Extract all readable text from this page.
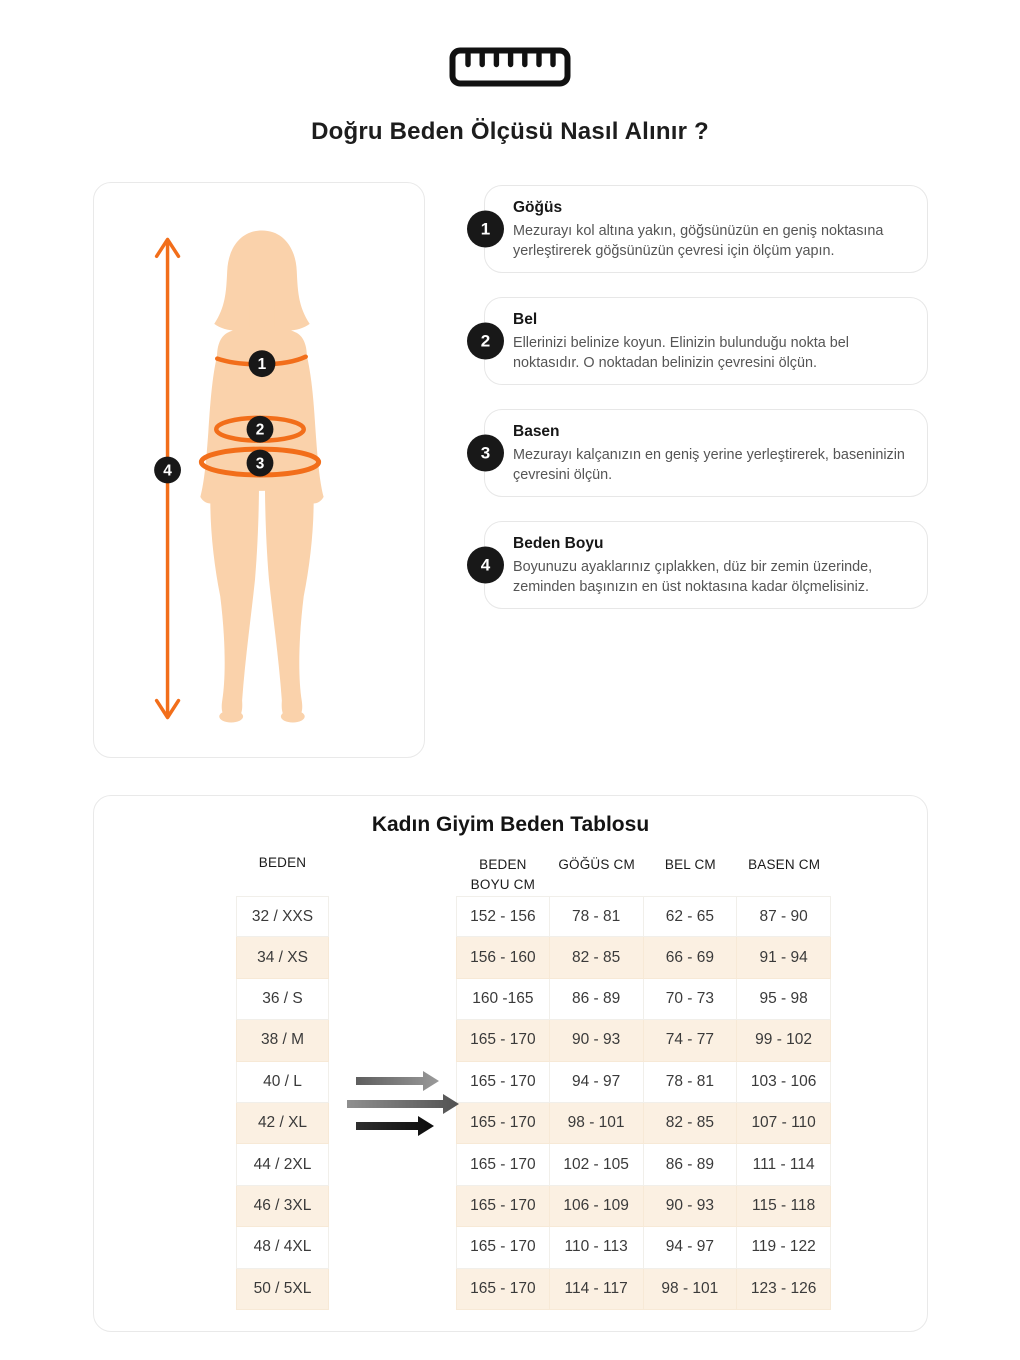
Doğru Beden Ölçüsü Nasıl Alınır ?
1
2
3
4
1
Göğüs
Mezurayı kol altına yakın, göğsünüzün en geniş noktasına yerleştirerek göğsünüzün çevresi için ölçüm yapın.
2
Bel
Ellerinizi belinize koyun. Elinizin bulunduğu nokta bel noktasıdır. O noktadan belinizin çevresini ölçün.
3
Basen
Mezurayı kalçanızın en geniş yerine yerleştirerek, baseninizin çevresini ölçün.
4
Beden Boyu
Boyunuzu ayaklarınız çıplakken, düz bir zemin üzerinde, zeminden başınızın en üst noktasına kadar ölçmelisiniz.
Kadın Giyim Beden Tablosu
BEDEN	BEDEN BOYU CM
GÖĞÜS CM	BEL CM	BASEN CM
32 / XXS	152 - 156	78 - 81	62 - 65	87 - 90
34 / XS	156 - 160	82 - 85	66 - 69	91 - 94
36 / S	160 -165	86 - 89	70 - 73	95 - 98
38 / M	165 - 170	90 - 93	74 - 77	99 - 102
40 / L	165 - 170	94 - 97	78 - 81	103 - 106
42 / XL	165 - 170	98 - 101	82 - 85	107 - 110
44 / 2XL	165 - 170	102 - 105	86 - 89	111 - 114
46 / 3XL	165 - 170	106 - 109	90 - 93	115 - 118
48 / 4XL	165 - 170	110 - 113	94 - 97	119 - 122
50 / 5XL	165 - 170	114 - 117	98 - 101	123 - 126
